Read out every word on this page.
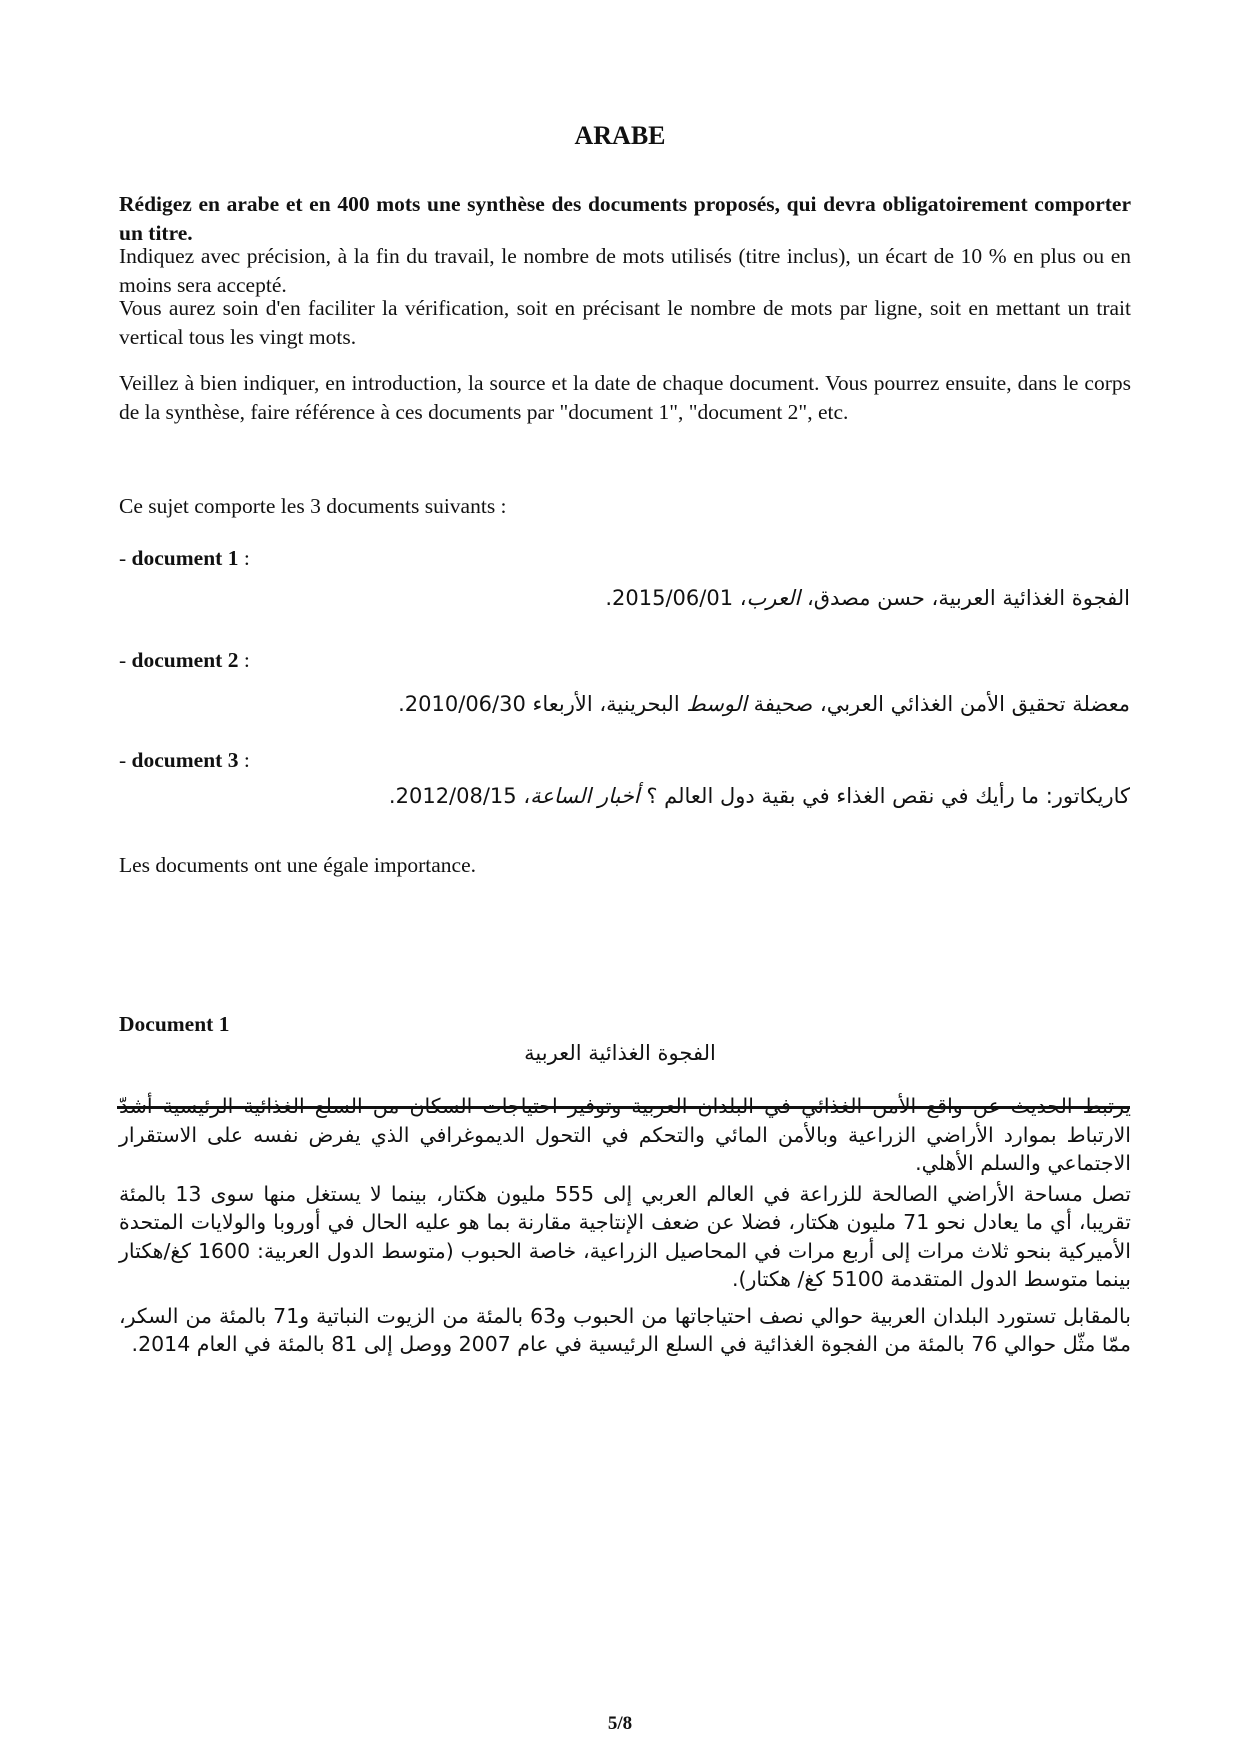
ARABE
Rédigez en arabe et en 400 mots une synthèse des documents proposés, qui devra obligatoirement comporter un titre.
Indiquez avec précision, à la fin du travail, le nombre de mots utilisés (titre inclus), un écart de 10 % en plus ou en moins sera accepté.
Vous aurez soin d'en faciliter la vérification, soit en précisant le nombre de mots par ligne, soit en mettant un trait vertical tous les vingt mots.
Veillez à bien indiquer, en introduction, la source et la date de chaque document. Vous pourrez ensuite, dans le corps de la synthèse, faire référence à ces documents par "document 1", "document 2", etc.
Ce sujet comporte les 3 documents suivants :
- document 1 :
الفجوة الغذائية العربية، حسن مصدق، العرب، 2015/06/01.
- document 2 :
معضلة تحقيق الأمن الغذائي العربي، صحيفة الوسط البحرينية، الأربعاء 2010/06/30.
- document 3 :
كاريكاتور: ما رأيك في نقص الغذاء في بقية دول العالم ؟ أخبار الساعة، 2012/08/15.
Les documents ont une égale importance.
Document 1
الفجوة الغذائية العربية

يرتبط الحديث عن واقع الأمن الغذائي في البلدان العربية وتوفير احتياجات السكان من السلع الغذائية الرئيسية أشدّ الارتباط بموارد الأراضي الزراعية وبالأمن المائي والتحكم في التحول الديموغرافي الذي يفرض نفسه على الاستقرار الاجتماعي والسلم الأهلي.

تصل مساحة الأراضي الصالحة للزراعة في العالم العربي إلى 555 مليون هكتار، بينما لا يستغل منها سوى 13 بالمئة تقريبا، أي ما يعادل نحو 71 مليون هكتار، فضلا عن ضعف الإنتاجية مقارنة بما هو عليه الحال في أوروبا والولايات المتحدة الأميركية بنحو ثلاث مرات إلى أربع مرات في المحاصيل الزراعية، خاصة الحبوب (متوسط الدول العربية: 1600 كغ/هكتار بينما متوسط الدول المتقدمة 5100 كغ/ هكتار).

بالمقابل تستورد البلدان العربية حوالي نصف احتياجاتها من الحبوب و63 بالمئة من الزيوت النباتية و71 بالمئة من السكر، ممّا مثّل حوالي 76 بالمئة من الفجوة الغذائية في السلع الرئيسية في عام 2007 ووصل إلى 81 بالمئة في العام 2014.

5/8
